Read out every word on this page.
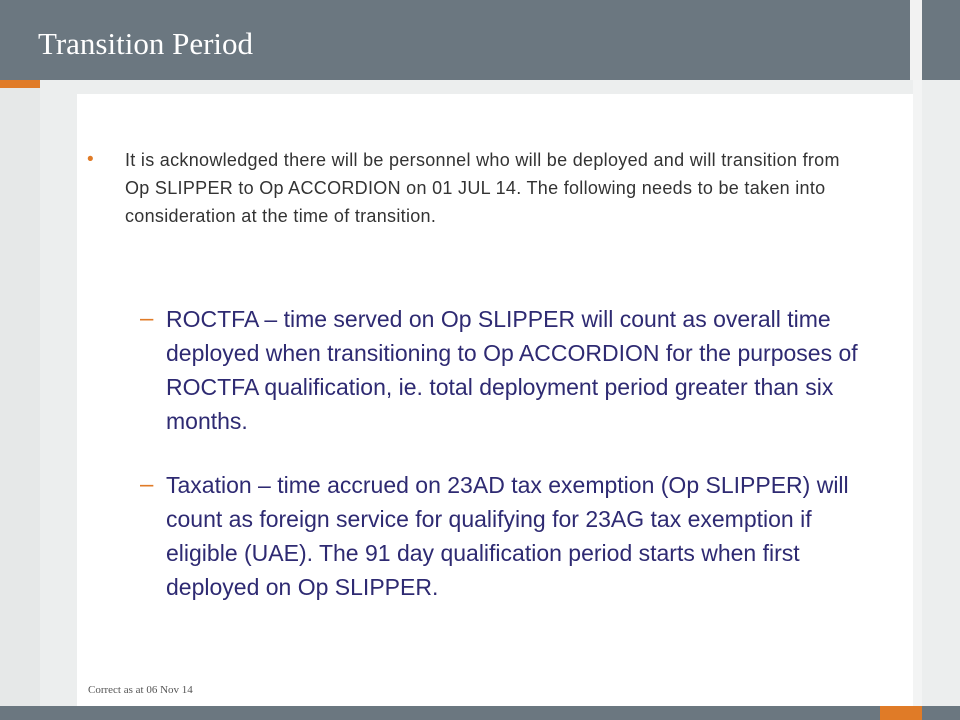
Transition Period
• It is acknowledged there will be personnel who will be deployed and will transition from Op SLIPPER to Op ACCORDION on 01 JUL 14. The following needs to be taken into consideration at the time of transition.

– ROCTFA – time served on Op SLIPPER will count as overall time deployed when transitioning to Op ACCORDION for the purposes of ROCTFA qualification, ie. total deployment period greater than six months.

– Taxation – time accrued on 23AD tax exemption (Op SLIPPER) will count as foreign service for qualifying for 23AG tax exemption if eligible (UAE). The 91 day qualification period starts when first deployed on Op SLIPPER.

Correct as at 06 Nov 14
